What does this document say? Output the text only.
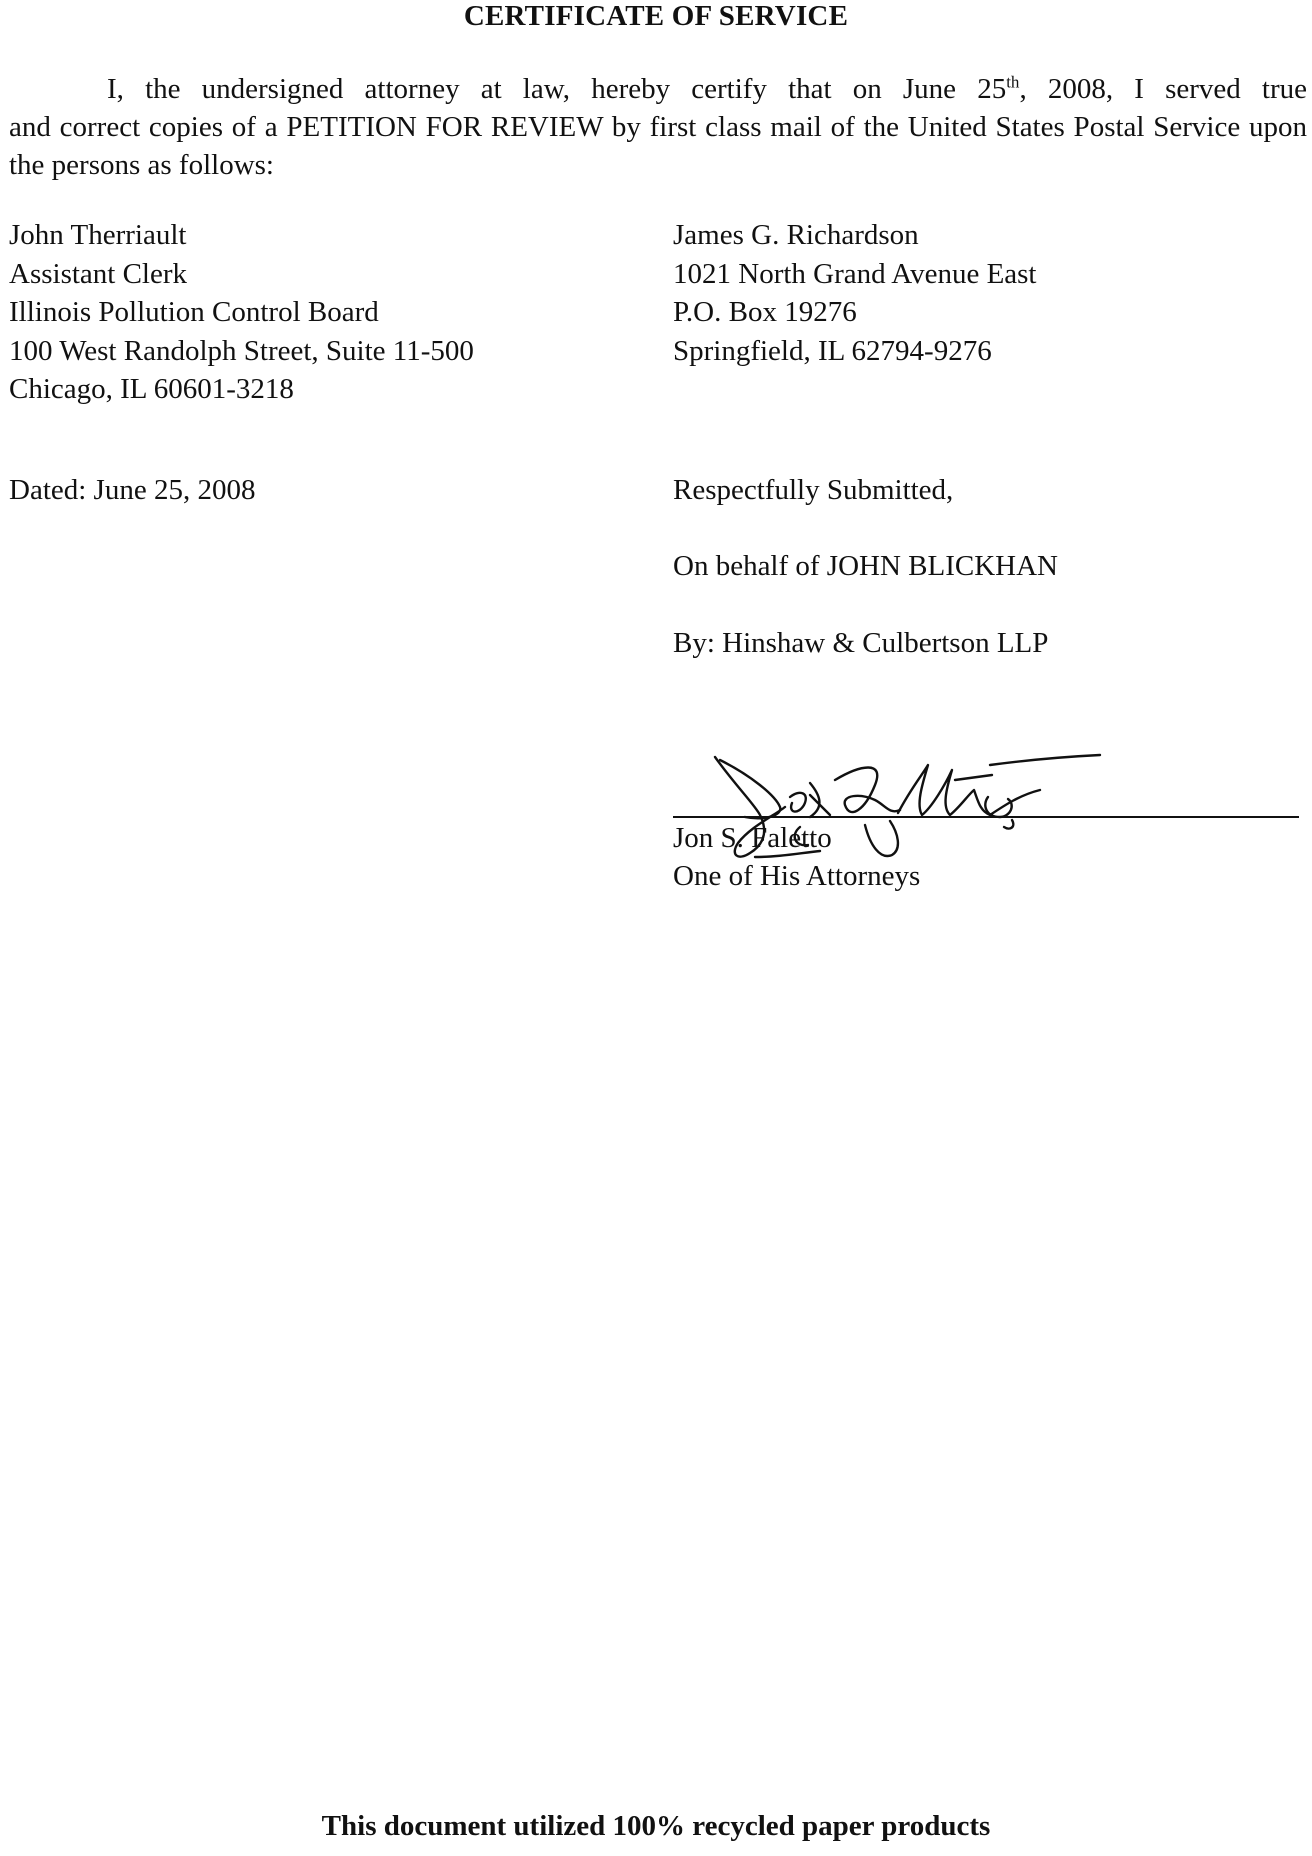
CERTIFICATE OF SERVICE
I, the undersigned attorney at law, hereby certify that on June 25th, 2008, I served true
and correct copies of a PETITION FOR REVIEW by first class mail of the United States Postal Service upon the persons as follows:
John Therriault
Assistant Clerk
Illinois Pollution Control Board
100 West Randolph Street, Suite 11-500
Chicago, IL 60601-3218
James G. Richardson
1021 North Grand Avenue East
P.O. Box 19276
Springfield, IL 62794-9276
Dated: June 25, 2008	Respectfully Submitted,
On behalf of JOHN BLICKHAN
By: Hinshaw & Culbertson LLP
Jon S. Faletto
One of His Attorneys
This document utilized 100% recycled paper products
